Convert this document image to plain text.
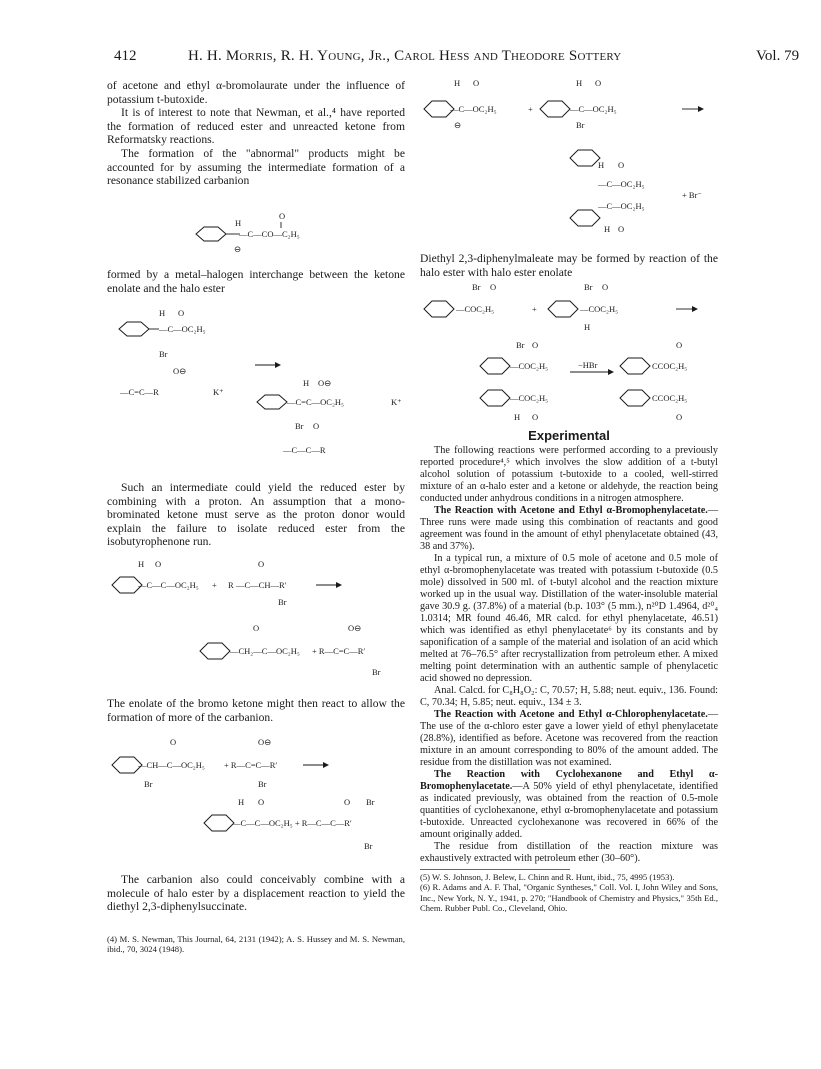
412	H. H. Morris, R. H. Young, Jr., Carol Hess and Theodore Sottery	Vol. 79

of acetone and ethyl α-bromolaurate under the influence of potassium t-butoxide.

It is of interest to note that Newman, et al.,⁴ have reported the formation of reduced ester and unreacted ketone from Reformatsky reactions.

The formation of the "abnormal" products might be accounted for by assuming the intermediate formation of a resonance stabilized carbanion

formed by a metal–halogen interchange between the ketone enolate and the halo ester

Such an intermediate could yield the reduced ester by combining with a proton. An assumption that a mono-brominated ketone must serve as the proton donor would explain the failure to isolate reduced ester from the isobutyrophenone run.

The enolate of the bromo ketone might then react to allow the formation of more of the carbanion.

The carbanion also could conceivably combine with a molecule of halo ester by a displacement reaction to yield the diethyl 2,3-diphenylsuccinate.

(4) M. S. Newman, This Journal, 64, 2131 (1942); A. S. Hussey and M. S. Newman, ibid., 70, 3024 (1948).

Diethyl 2,3-diphenylmaleate may be formed by reaction of the halo ester with halo ester enolate

Experimental

The following reactions were performed according to a previously reported procedure⁴,⁵ which involves the slow addition of a t-butyl alcohol solution of potassium t-butoxide to a cooled, well-stirred mixture of an α-halo ester and a ketone or aldehyde, the reaction being conducted under anhydrous conditions in a nitrogen atmosphere.

The Reaction with Acetone and Ethyl α-Bromophenylacetate.—Three runs were made using this combination of reactants and good agreement was found in the amount of ethyl phenylacetate obtained (43, 38 and 37%).

In a typical run, a mixture of 0.5 mole of acetone and 0.5 mole of ethyl α-bromophenylacetate was treated with potassium t-butoxide (0.5 mole) dissolved in 500 ml. of t-butyl alcohol and the reaction mixture worked up in the usual way. Distillation of the water-insoluble material gave 30.9 g. (37.8%) of a material (b.p. 103° (5 mm.), n²⁰D 1.4964, d²⁰₄ 1.0314; MR found 46.46, MR calcd. for ethyl phenylacetate, 46.51) which was identified as ethyl phenylacetate⁶ by its constants and by saponification of a sample of the material and isolation of an acid which melted at 76–76.5° after recrystallization from petroleum ether. A mixed melting point determination with an authentic sample of phenylacetic acid showed no depression.

Anal. Calcd. for C₈H₈O₂: C, 70.57; H, 5.88; neut. equiv., 136. Found: C, 70.34; H, 5.85; neut. equiv., 134 ± 3.

The Reaction with Acetone and Ethyl α-Chlorophenylacetate.—The use of the α-chloro ester gave a lower yield of ethyl phenylacetate (28.8%), identified as before. Acetone was recovered from the reaction mixture in an amount corresponding to 80% of the amount added. The residue from the distillation was not examined.

The Reaction with Cyclohexanone and Ethyl α-Bromophenylacetate.—A 50% yield of ethyl phenylacetate, identified as indicated previously, was obtained from the reaction of 0.5-mole quantities of cyclohexanone, ethyl α-bromophenylacetate and potassium t-butoxide. Unreacted cyclohexanone was recovered in 66% of the amount originally added.

The residue from distillation of the reaction mixture was exhaustively extracted with petroleum ether (30–60°).

(5) W. S. Johnson, J. Belew, L. Chinn and R. Hunt, ibid., 75, 4995 (1953).

(6) R. Adams and A. F. Thal, "Organic Syntheses," Coll. Vol. I, John Wiley and Sons, Inc., New York, N. Y., 1941, p. 270; "Handbook of Chemistry and Physics," 35th Ed., Chem. Rubber Publ. Co., Cleveland, Ohio.

H
O
—C—CO—C₂H₅
⊖
H O
—C—OC₂H₅
Br
O⊖
—C=C—R	K⁺
H O⊖
—C=C—OC₂H₅	K⁺
Br O
—C—C—R
H O	O
—C—C—OC₂H₅ + R —C—CH—R′
Br
O	O⊖
—CH₂—C—OC₂H₅ + R—C=C—R′
Br
O	O⊖
—CH—C—OC₂H₅ + R—C=C—R′
Br	Br
H O	O Br
—C—C—OC₂H₅ + R—C—C—R′
Br
H O	H O
—C—OC₂H₅	+	—C—OC₂H₅
⊖	Br
H O
—C—OC₂H₅
+ Br⁻
—C—OC₂H₅
H O
Br O	Br O
—COC₂H₅	+	—COC₂H₅
H
Br O	O
—COC₂H₅	−HBr	CCOC₂H₅
—COC₂H₅	CCOC₂H₅
H O	O
